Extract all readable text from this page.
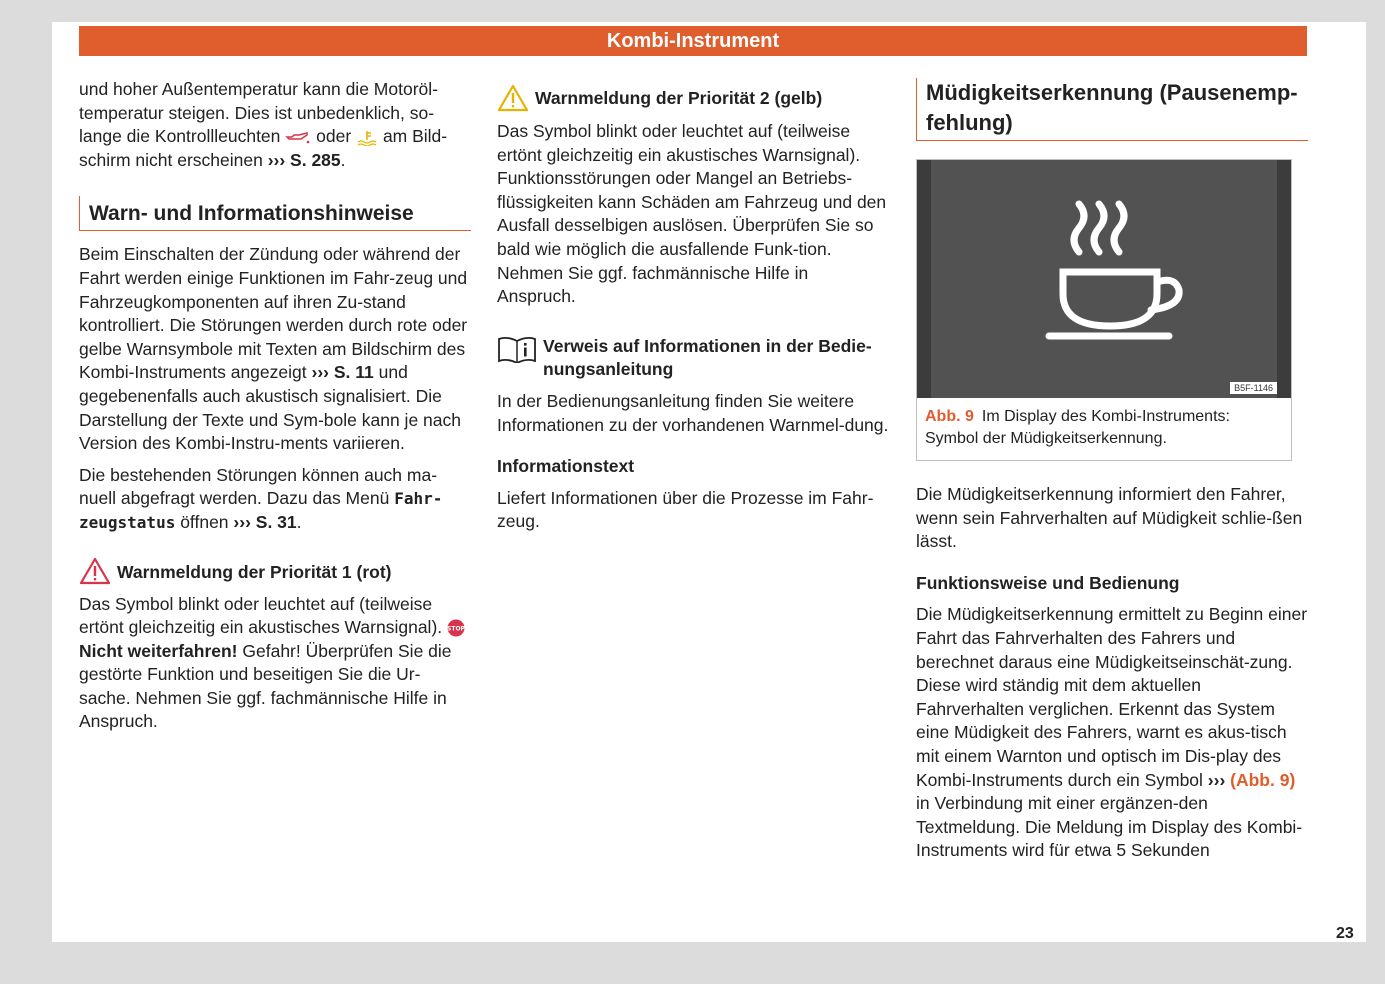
Kombi-Instrument

und hoher Außentemperatur kann die Motoröl-temperatur steigen. Dies ist unbedenklich, so-lange die Kontrollleuchten oder am Bild-schirm nicht erscheinen ››› S. 285.

Warn- und Informationshinweise

Beim Einschalten der Zündung oder während der Fahrt werden einige Funktionen im Fahr-zeug und Fahrzeugkomponenten auf ihren Zu-stand kontrolliert. Die Störungen werden durch rote oder gelbe Warnsymbole mit Texten am Bildschirm des Kombi-Instruments angezeigt ››› S. 11 und gegebenenfalls auch akustisch signalisiert. Die Darstellung der Texte und Sym-bole kann je nach Version des Kombi-Instru-ments variieren.

Die bestehenden Störungen können auch ma-nuell abgefragt werden. Dazu das Menü Fahr-zeugstatus öffnen ››› S. 31.

Warnmeldung der Priorität 1 (rot)

Das Symbol blinkt oder leuchtet auf (teilweise ertönt gleichzeitig ein akustisches Warnsignal). STOP
Nicht weiterfahren! Gefahr! Überprüfen Sie die gestörte Funktion und beseitigen Sie die Ur-sache. Nehmen Sie ggf. fachmännische Hilfe in Anspruch.

Warnmeldung der Priorität 2 (gelb)

Das Symbol blinkt oder leuchtet auf (teilweise ertönt gleichzeitig ein akustisches Warnsignal). Funktionsstörungen oder Mangel an Betriebs-flüssigkeiten kann Schäden am Fahrzeug und den Ausfall desselbigen auslösen. Überprüfen Sie so bald wie möglich die ausfallende Funk-tion. Nehmen Sie ggf. fachmännische Hilfe in Anspruch.

Verweis auf Informationen in der Bedie-nungsanleitung

In der Bedienungsanleitung finden Sie weitere Informationen zu der vorhandenen Warnmel-dung.

Informationstext

Liefert Informationen über die Prozesse im Fahr-zeug.

Müdigkeitserkennung (Pausenemp-fehlung)
B5F-1146
Abb. 9 Im Display des Kombi-Instruments: Symbol der Müdigkeitserkennung.

Die Müdigkeitserkennung informiert den Fahrer, wenn sein Fahrverhalten auf Müdigkeit schlie-ßen lässt.

Funktionsweise und Bedienung

Die Müdigkeitserkennung ermittelt zu Beginn einer Fahrt das Fahrverhalten des Fahrers und berechnet daraus eine Müdigkeitseinschät-zung. Diese wird ständig mit dem aktuellen Fahrverhalten verglichen. Erkennt das System eine Müdigkeit des Fahrers, warnt es akus-tisch mit einem Warnton und optisch im Dis-play des Kombi-Instruments durch ein Symbol ››› (Abb. 9) in Verbindung mit einer ergänzen-den Textmeldung. Die Meldung im Display des Kombi-Instruments wird für etwa 5 Sekunden

23
